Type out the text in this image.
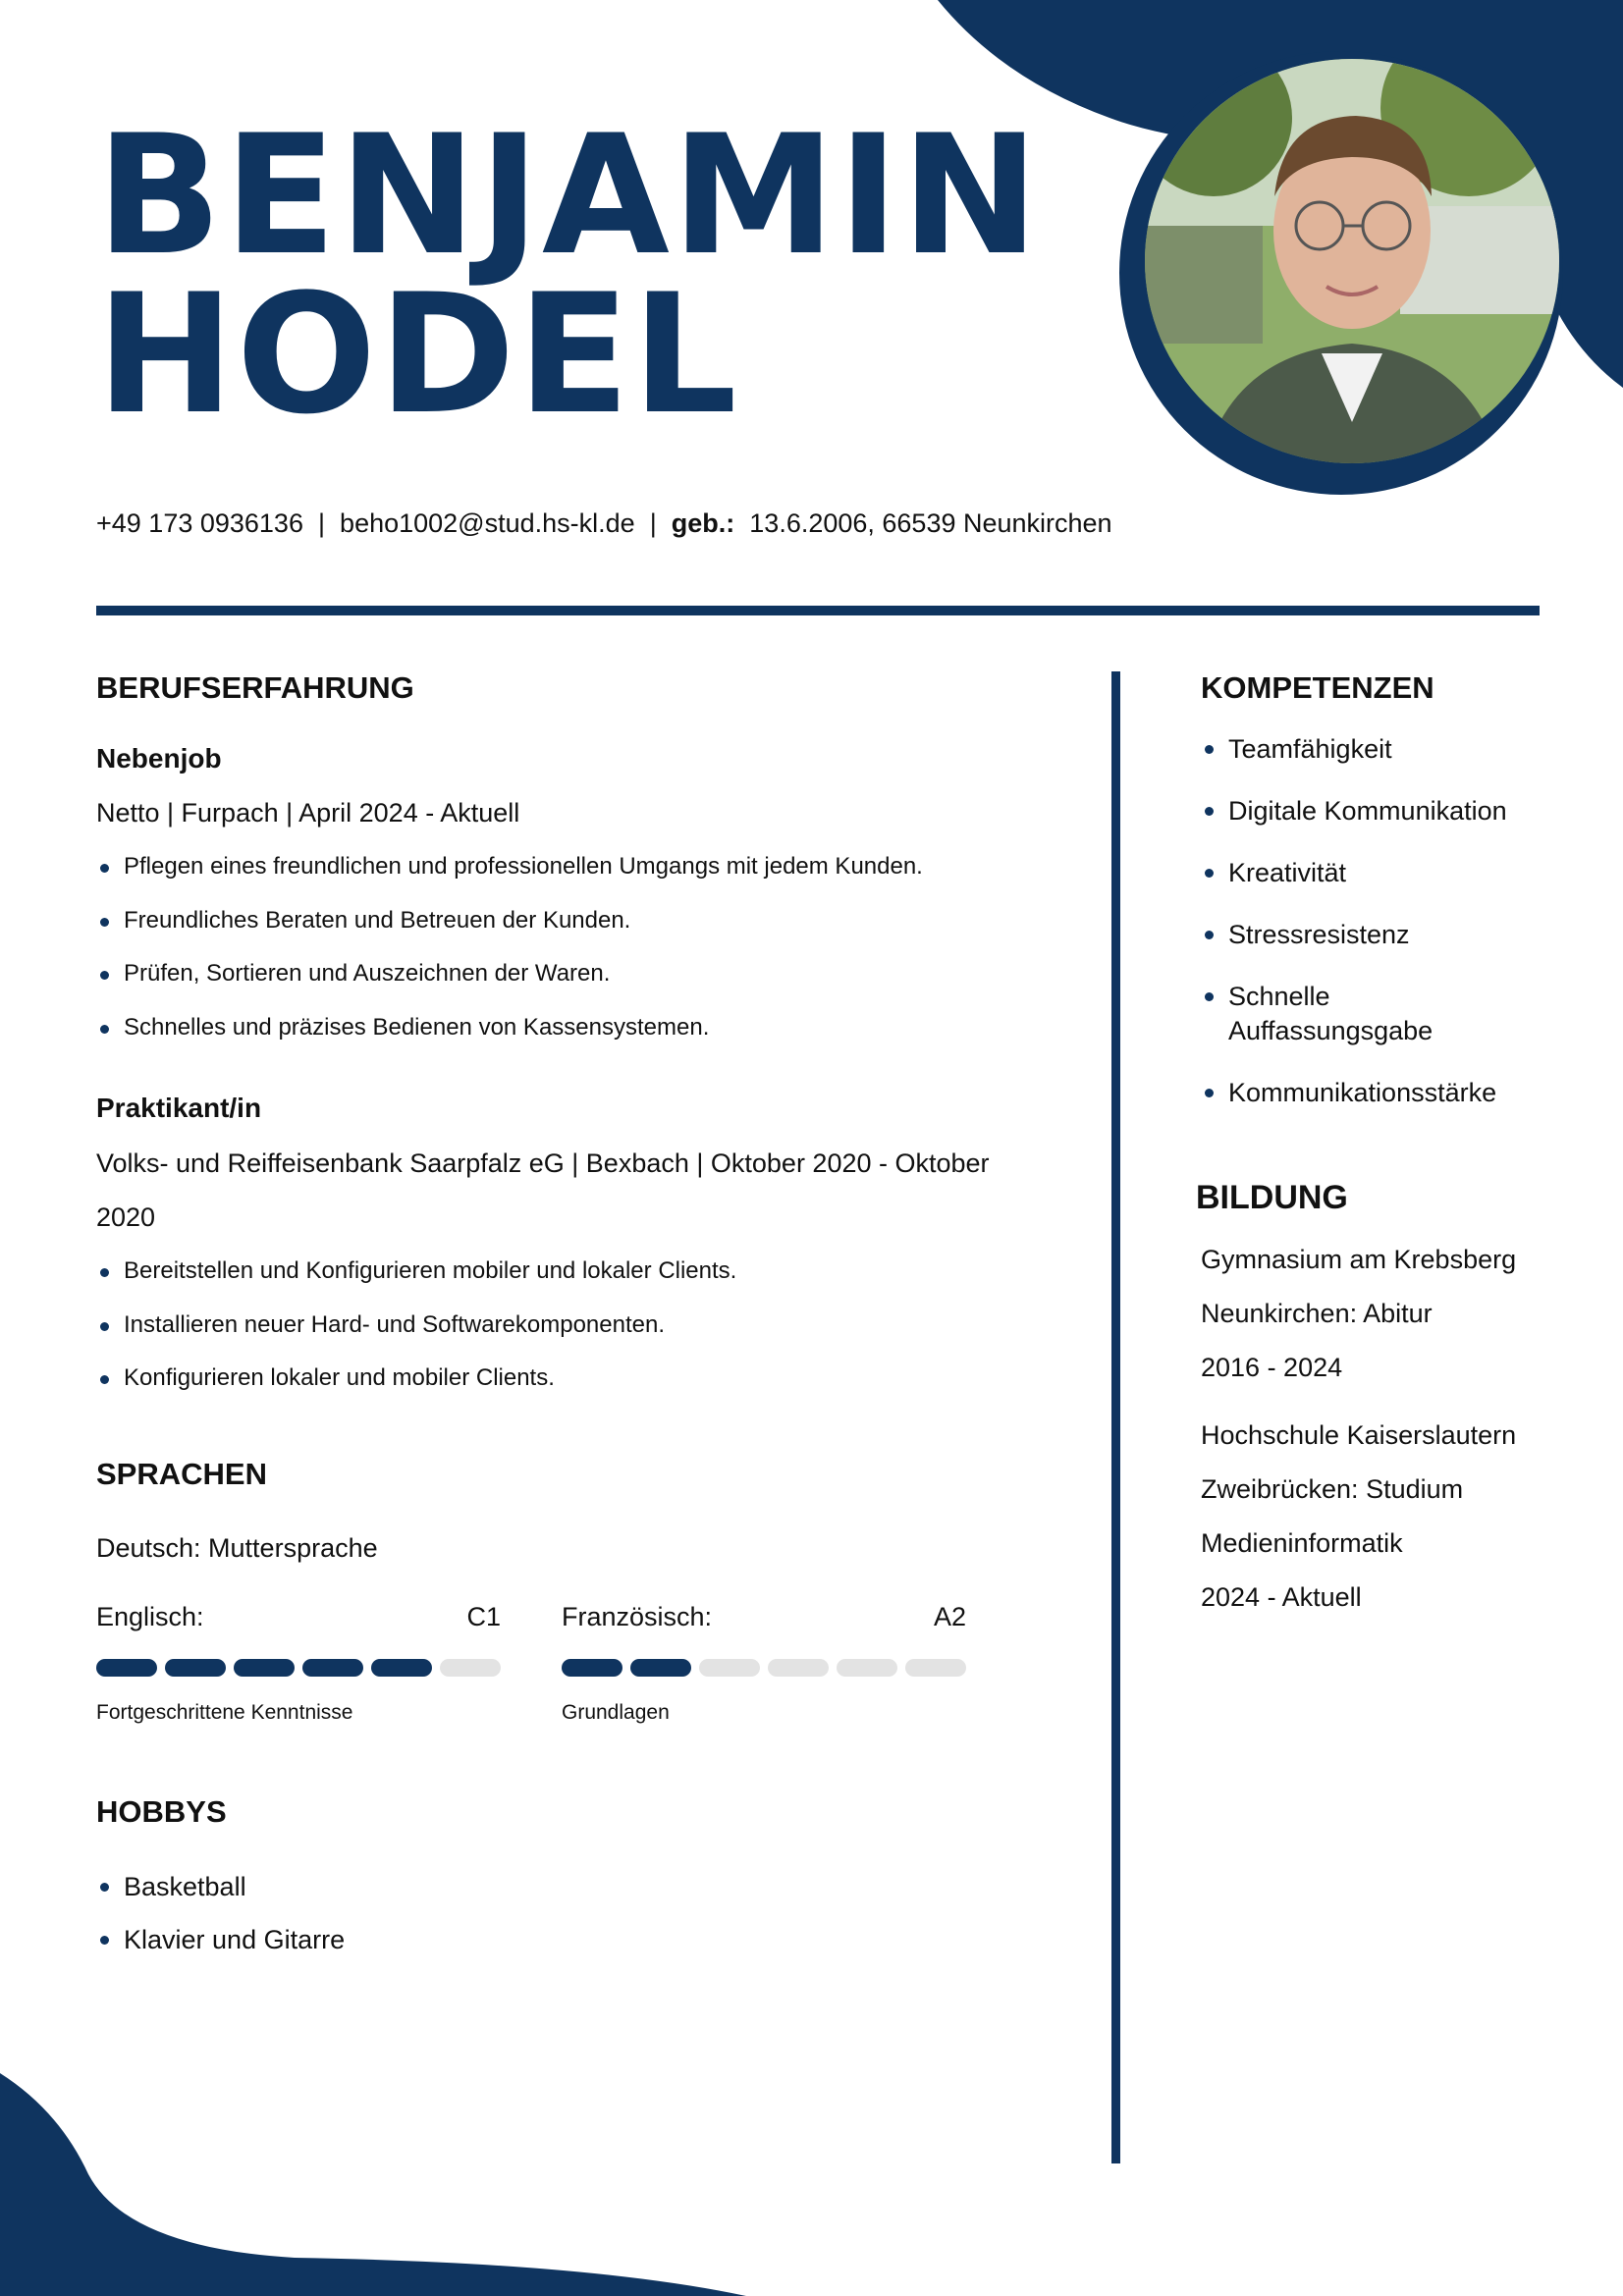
BENJAMIN
HODEL
+49 173 0936136 | beho1002@stud.hs-kl.de | geb.: 13.6.2006, 66539 Neunkirchen
BERUFSERFAHRUNG
Nebenjob
Netto | Furpach | April 2024 - Aktuell
Pflegen eines freundlichen und professionellen Umgangs mit jedem Kunden.
Freundliches Beraten und Betreuen der Kunden.
Prüfen, Sortieren und Auszeichnen der Waren.
Schnelles und präzises Bedienen von Kassensystemen.
Praktikant/in
Volks- und Reiffeisenbank Saarpfalz eG | Bexbach | Oktober 2020 - Oktober
2020
Bereitstellen und Konfigurieren mobiler und lokaler Clients.
Installieren neuer Hard- und Softwarekomponenten.
Konfigurieren lokaler und mobiler Clients.
SPRACHEN
Deutsch: Muttersprache
Englisch:	C1
Fortgeschrittene Kenntnisse
Französisch:	A2
Grundlagen
HOBBYS
Basketball
Klavier und Gitarre
KOMPETENZEN
Teamfähigkeit
Digitale Kommunikation
Kreativität
Stressresistenz
Schnelle Auffassungsgabe
Kommunikationsstärke
BILDUNG
Gymnasium am Krebsberg
Neunkirchen: Abitur
2016 - 2024
Hochschule Kaiserslautern
Zweibrücken: Studium
Medieninformatik
2024 - Aktuell
